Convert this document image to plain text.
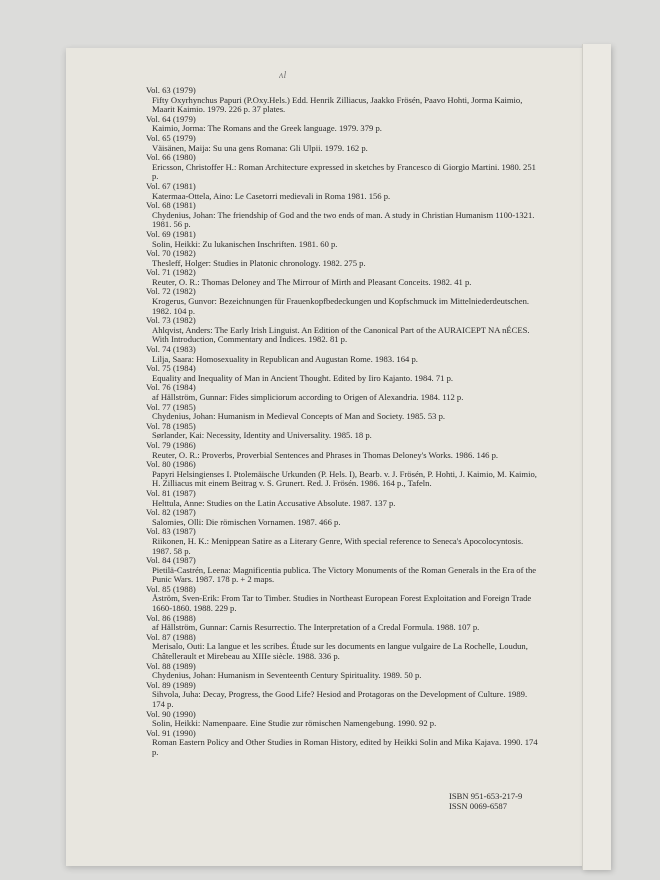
ʌl
Vol. 63 (1979)
Fifty Oxyrhynchus Papuri (P.Oxy.Hels.) Edd. Henrik Zilliacus, Jaakko Frösén, Paavo Hohti, Jorma Kaimio, Maarit Kaimio. 1979. 226 p. 37 plates.
Vol. 64 (1979)
Kaimio, Jorma: The Romans and the Greek language. 1979. 379 p.
Vol. 65 (1979)
Väisänen, Maija: Su una gens Romana: Gli Ulpii. 1979. 162 p.
Vol. 66 (1980)
Ericsson, Christoffer H.: Roman Architecture expressed in sketches by Francesco di Giorgio Martini. 1980. 251 p.
Vol. 67 (1981)
Katermaa-Ottela, Aino: Le Casetorri medievali in Roma 1981. 156 p.
Vol. 68 (1981)
Chydenius, Johan: The friendship of God and the two ends of man. A study in Christian Humanism 1100-1321. 1981. 56 p.
Vol. 69 (1981)
Solin, Heikki: Zu lukanischen Inschriften. 1981. 60 p.
Vol. 70 (1982)
Thesleff, Holger: Studies in Platonic chronology. 1982. 275 p.
Vol. 71 (1982)
Reuter, O. R.: Thomas Deloney and The Mirrour of Mirth and Pleasant Conceits. 1982. 41 p.
Vol. 72 (1982)
Krogerus, Gunvor: Bezeichnungen für Frauenkopfbedeckungen und Kopfschmuck im Mittelniederdeutschen. 1982. 104 p.
Vol. 73 (1982)
Ahlqvist, Anders: The Early Irish Linguist. An Edition of the Canonical Part of the AURAICEPT NA nÉCES. With Introduction, Commentary and Indices. 1982. 81 p.
Vol. 74 (1983)
Lilja, Saara: Homosexuality in Republican and Augustan Rome. 1983. 164 p.
Vol. 75 (1984)
Equality and Inequality of Man in Ancient Thought. Edited by Iiro Kajanto. 1984. 71 p.
Vol. 76 (1984)
af Hällström, Gunnar: Fides simpliciorum according to Origen of Alexandria. 1984. 112 p.
Vol. 77 (1985)
Chydenius, Johan: Humanism in Medieval Concepts of Man and Society. 1985. 53 p.
Vol. 78 (1985)
Sørlander, Kai: Necessity, Identity and Universality. 1985. 18 p.
Vol. 79 (1986)
Reuter, O. R.: Proverbs, Proverbial Sentences and Phrases in Thomas Deloney's Works. 1986. 146 p.
Vol. 80 (1986)
Papyri Helsingienses I. Ptolemäische Urkunden (P. Hels. I), Bearb. v. J. Frösén, P. Hohti, J. Kaimio, M. Kaimio, H. Zilliacus mit einem Beitrag v. S. Grunert. Red. J. Frösén. 1986. 164 p., Tafeln.
Vol. 81 (1987)
Helttula, Anne: Studies on the Latin Accusative Absolute. 1987. 137 p.
Vol. 82 (1987)
Salomies, Olli: Die römischen Vornamen. 1987. 466 p.
Vol. 83 (1987)
Riikonen, H. K.: Menippean Satire as a Literary Genre, With special reference to Seneca's Apocolocyntosis. 1987. 58 p.
Vol. 84 (1987)
Pietilä-Castrén, Leena: Magnificentia publica. The Victory Monuments of the Roman Generals in the Era of the Punic Wars. 1987. 178 p. + 2 maps.
Vol. 85 (1988)
Åström, Sven-Erik: From Tar to Timber. Studies in Northeast European Forest Exploitation and Foreign Trade 1660-1860. 1988. 229 p.
Vol. 86 (1988)
af Hällström, Gunnar: Carnis Resurrectio. The Interpretation of a Credal Formula. 1988. 107 p.
Vol. 87 (1988)
Merisalo, Outi: La langue et les scribes. Étude sur les documents en langue vulgaire de La Rochelle, Loudun, Châtellerault et Mirebeau au XIIIe siècle. 1988. 336 p.
Vol. 88 (1989)
Chydenius, Johan: Humanism in Seventeenth Century Spirituality. 1989. 50 p.
Vol. 89 (1989)
Sihvola, Juha: Decay, Progress, the Good Life? Hesiod and Protagoras on the Development of Culture. 1989. 174 p.
Vol. 90 (1990)
Solin, Heikki: Namenpaare. Eine Studie zur römischen Namengebung. 1990. 92 p.
Vol. 91 (1990)
Roman Eastern Policy and Other Studies in Roman History, edited by Heikki Solin and Mika Kajava. 1990. 174 p.
ISBN 951-653-217-9
ISSN 0069-6587
